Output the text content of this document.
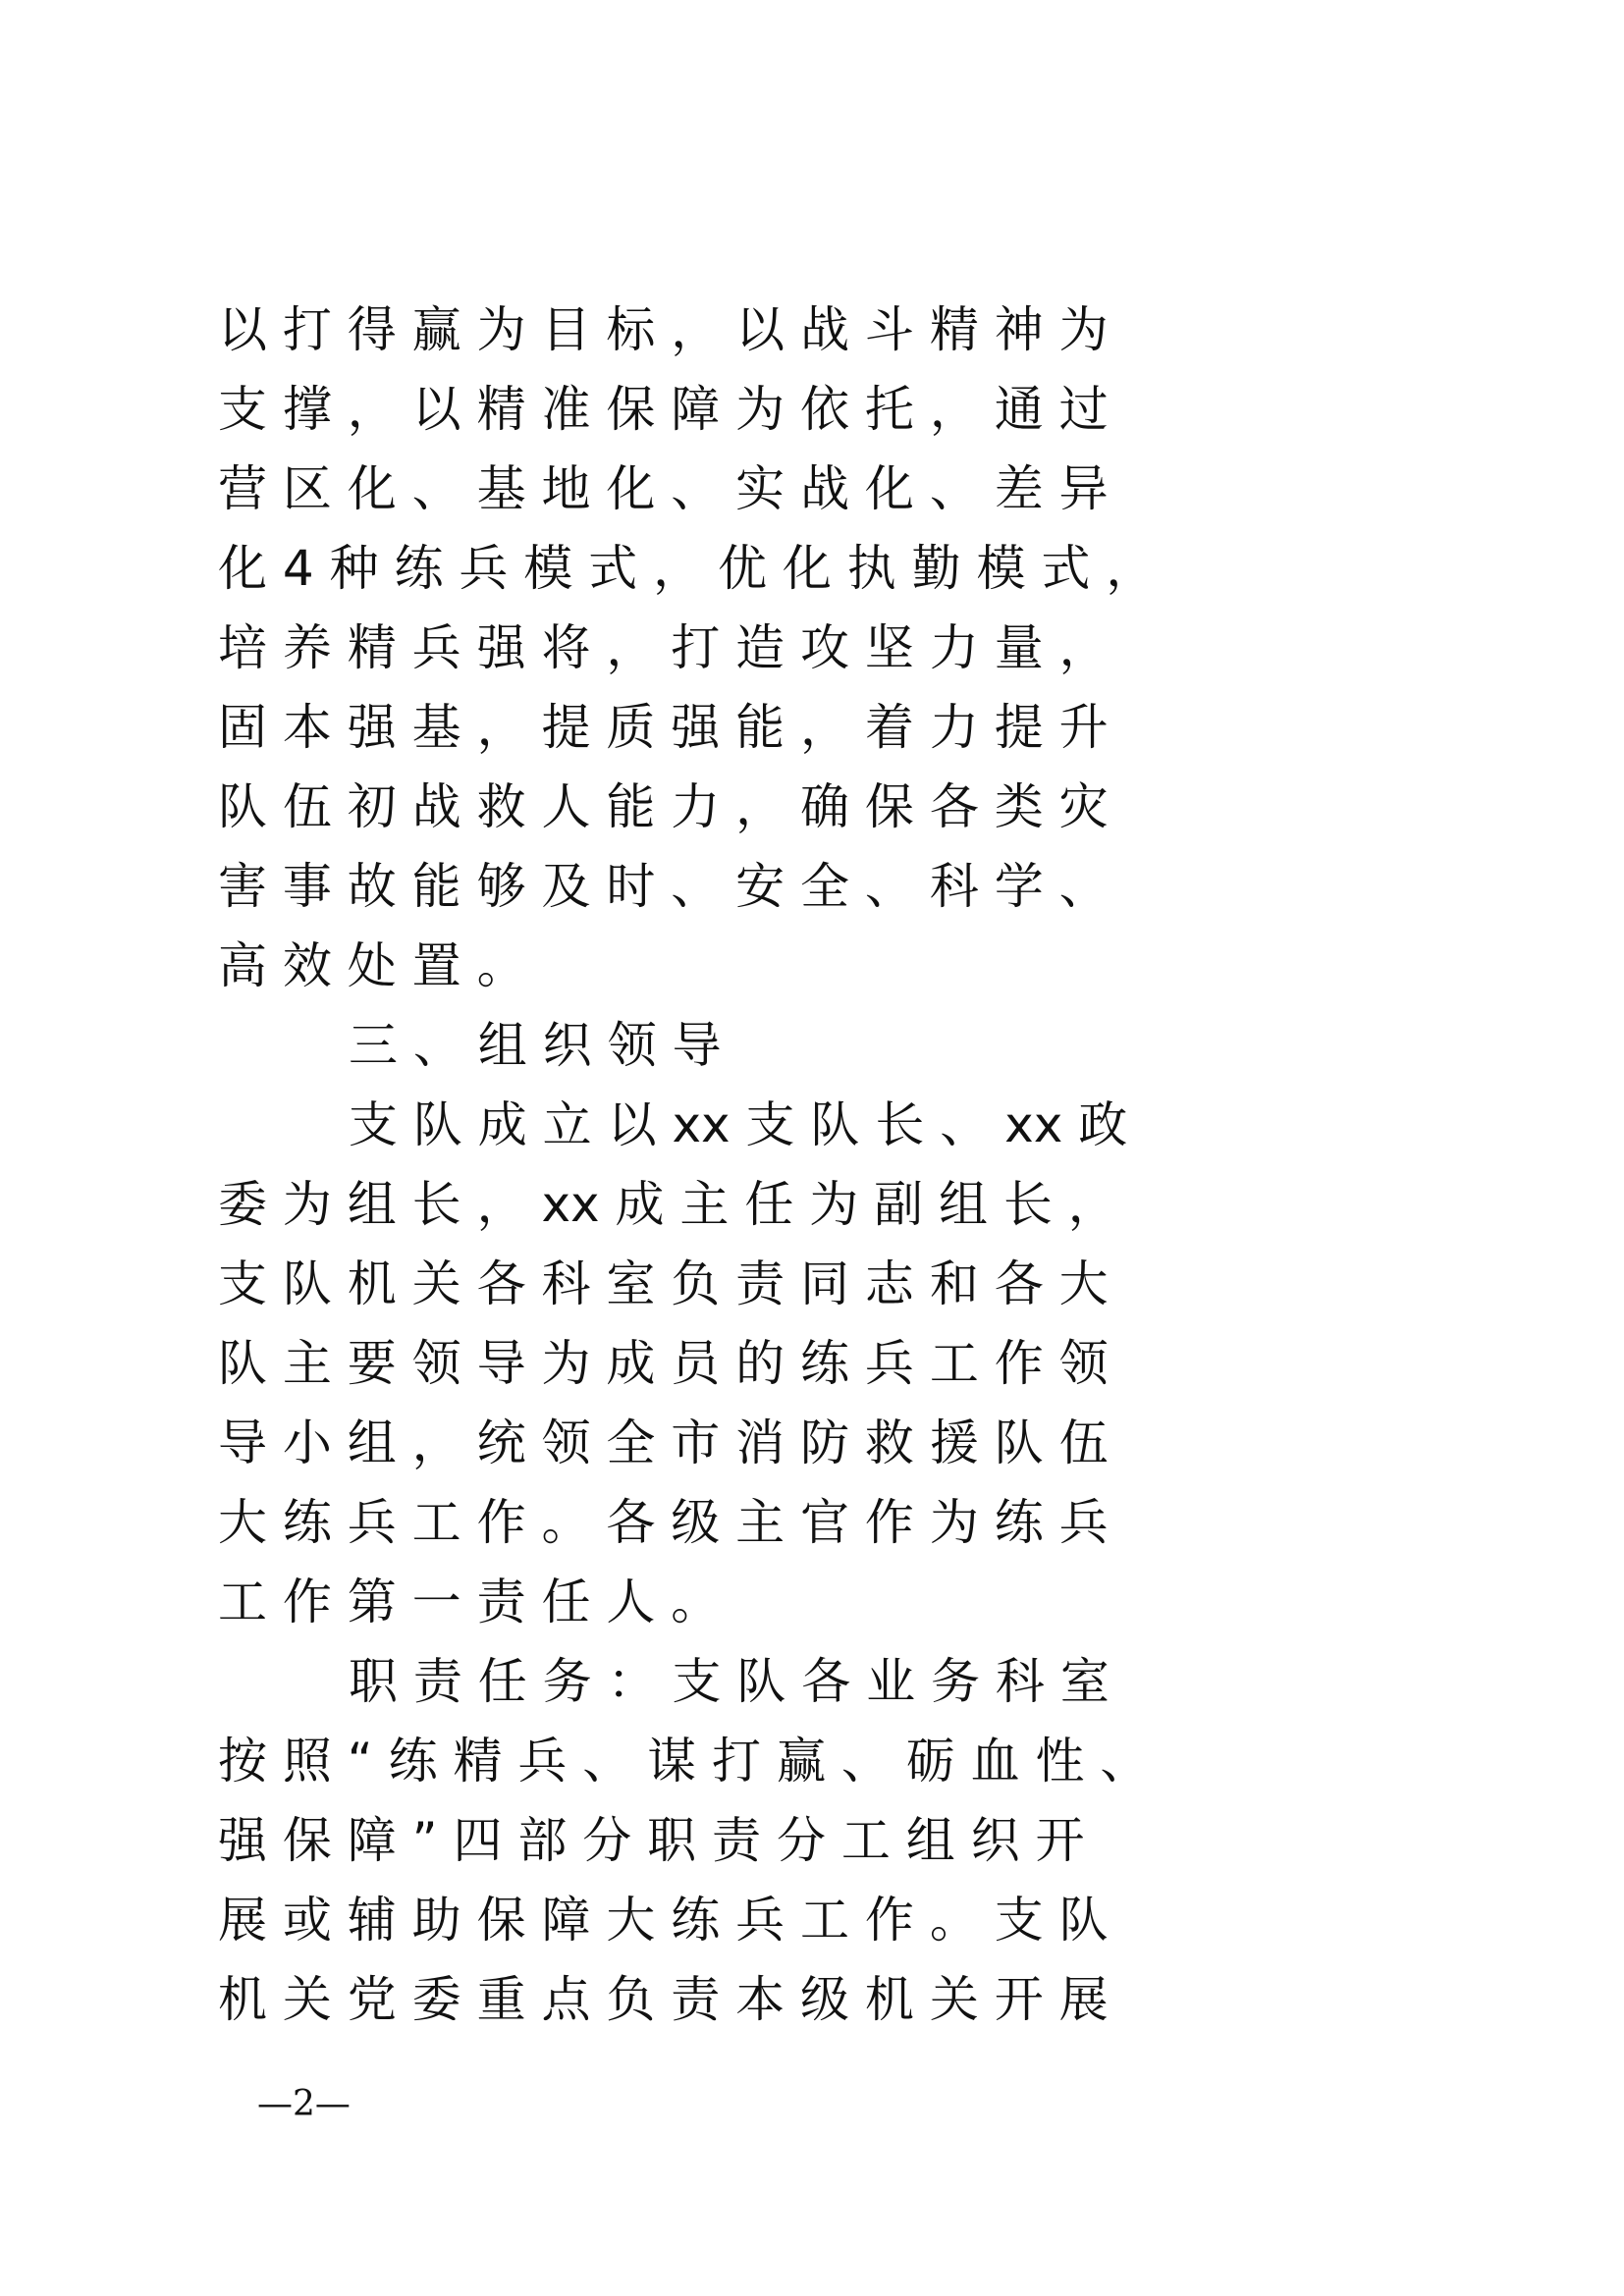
以 打 得 赢 为 目 标 ， 以 战 斗 精 神 为
支 撑 ， 以 精 准 保 障 为 依 托 ， 通 过
营 区 化 、 基 地 化 、 实 战 化 、 差 异
化 4 种 练 兵 模 式 ， 优 化 执 勤 模 式 ，
培 养 精 兵 强 将 ， 打 造 攻 坚 力 量 ，
固 本 强 基 ， 提 质 强 能 ， 着 力 提 升
队 伍 初 战 救 人 能 力 ， 确 保 各 类 灾
害 事 故 能 够 及 时 、 安 全 、 科 学 、
高 效 处 置 。
三 、 组 织 领 导
支 队 成 立 以 xx 支 队 长 、 xx 政
委 为 组 长 ， xx 成 主 任 为 副 组 长 ，
支 队 机 关 各 科 室 负 责 同 志 和 各 大
队 主 要 领 导 为 成 员 的 练 兵 工 作 领
导 小 组 ， 统 领 全 市 消 防 救 援 队 伍
大 练 兵 工 作 。 各 级 主 官 作 为 练 兵
工 作 第 一 责 任 人 。
职 责 任 务 ： 支 队 各 业 务 科 室
按 照 “ 练 精 兵 、 谋 打 赢 、 砺 血 性 、
强 保 障 ” 四 部 分 职 责 分 工 组 织 开
展 或 辅 助 保 障 大 练 兵 工 作 。 支 队
机 关 党 委 重 点 负 责 本 级 机 关 开 展
—2—
